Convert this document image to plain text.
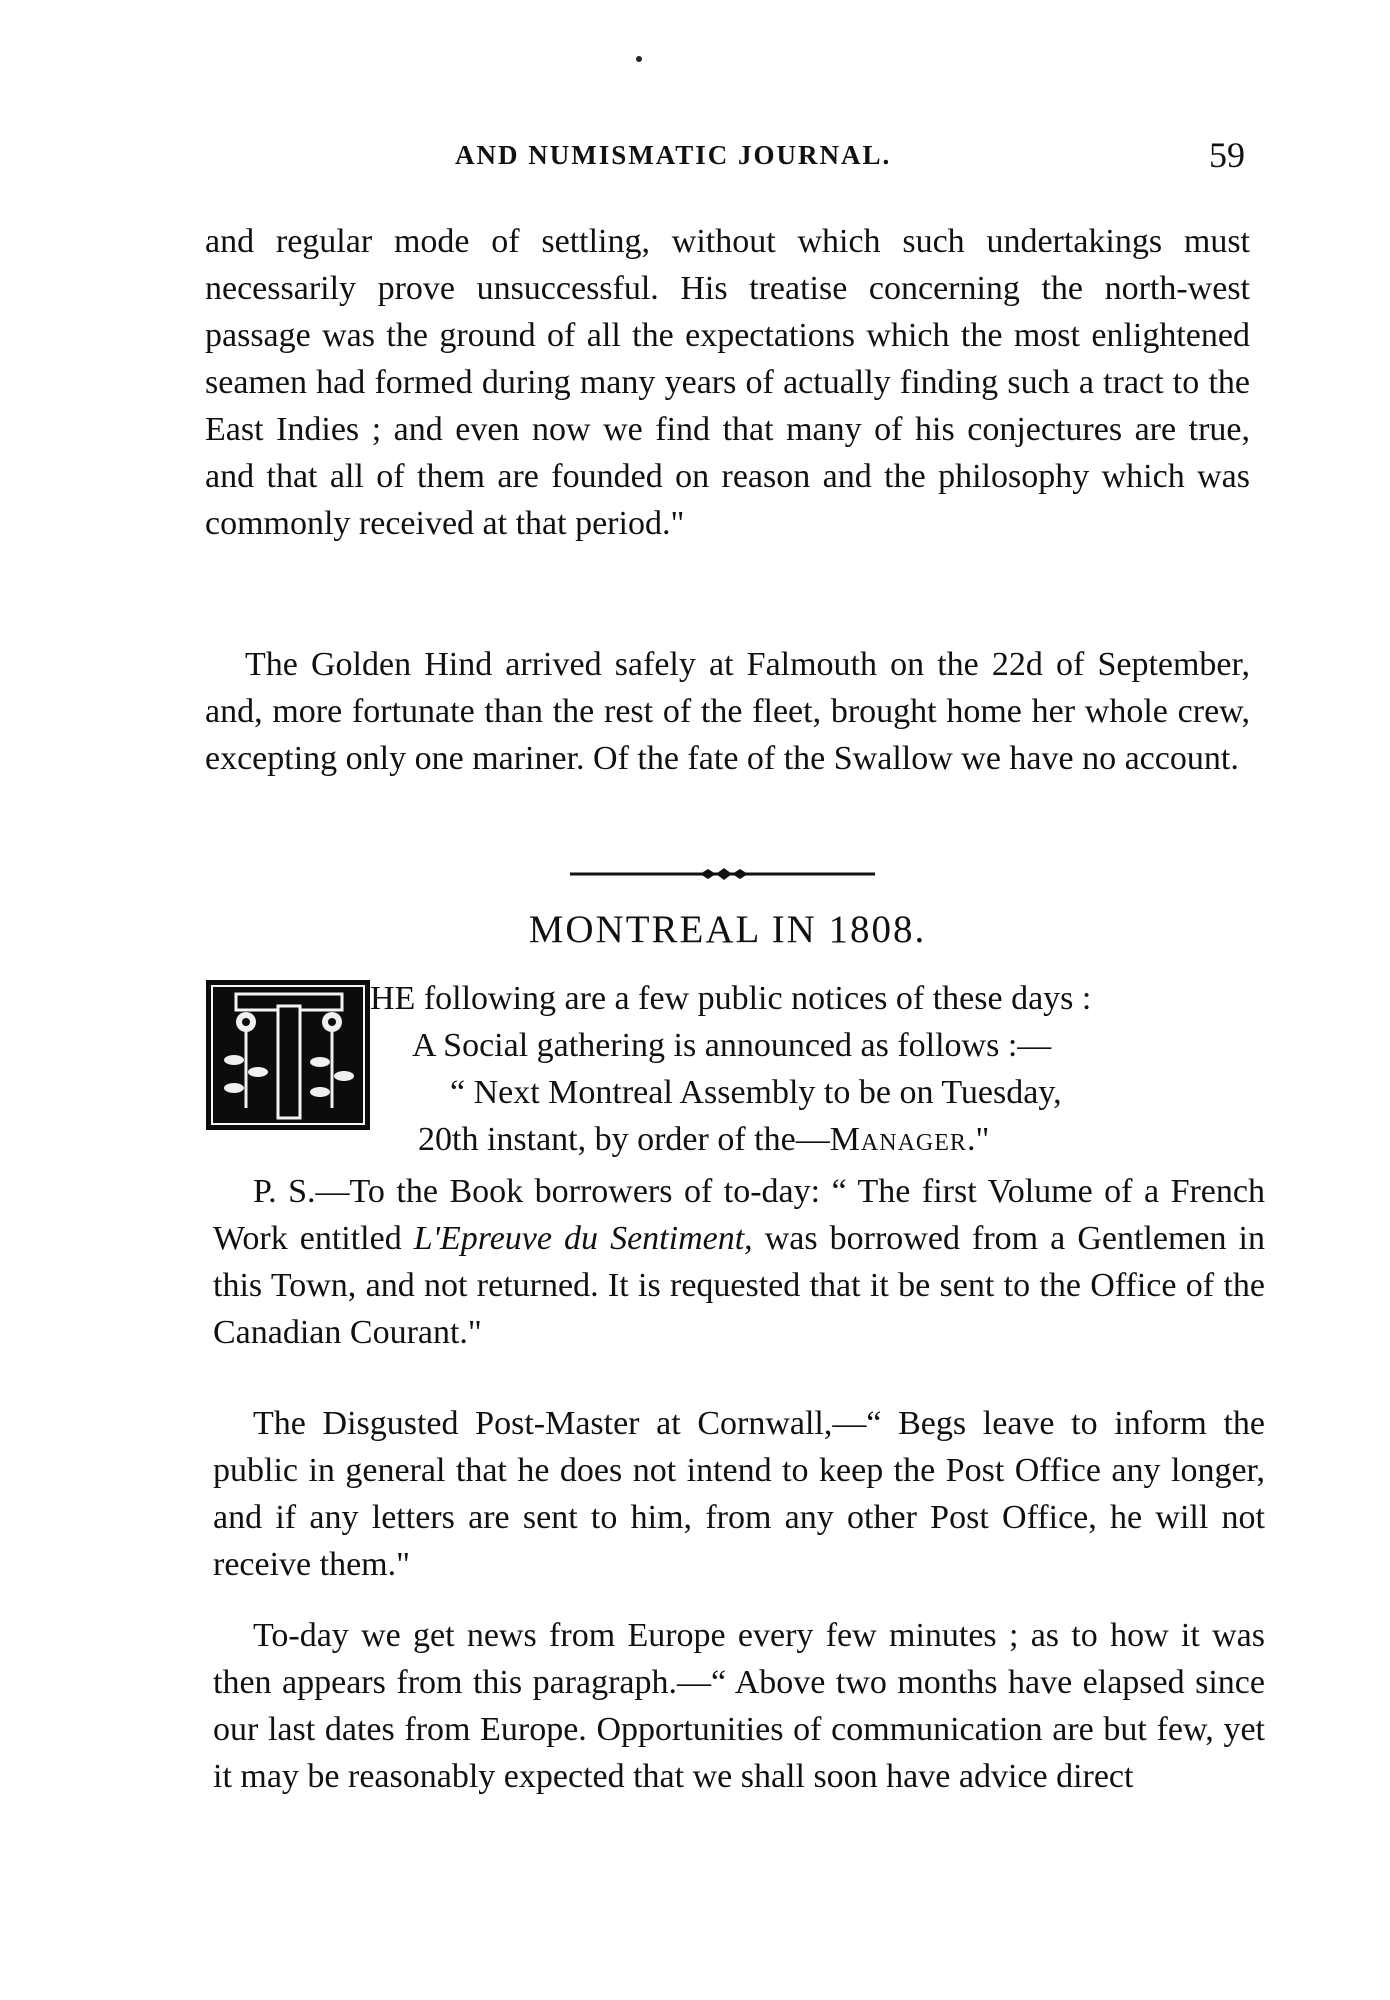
AND NUMISMATIC JOURNAL.	59

and regular mode of settling, without which such undertakings must necessarily prove unsuccessful. His treatise concerning the north-west passage was the ground of all the expectations which the most enlightened seamen had formed during many years of actually finding such a tract to the East Indies ; and even now we find that many of his conjectures are true, and that all of them are founded on reason and the philosophy which was commonly received at that period."

The Golden Hind arrived safely at Falmouth on the 22d of September, and, more fortunate than the rest of the fleet, brought home her whole crew, excepting only one mariner. Of the fate of the Swallow we have no account.

MONTREAL IN 1808.
HE following are a few public notices of these days :
A Social gathering is announced as follows :—
“ Next Montreal Assembly to be on Tuesday,
20th instant, by order of the—Manager."

P. S.—To the Book borrowers of to-day: “ The first Volume of a French Work entitled L'Epreuve du Sentiment, was borrowed from a Gentlemen in this Town, and not returned. It is requested that it be sent to the Office of the Canadian Courant."

The Disgusted Post-Master at Cornwall,—“ Begs leave to inform the public in general that he does not intend to keep the Post Office any longer, and if any letters are sent to him, from any other Post Office, he will not receive them."

To-day we get news from Europe every few minutes ; as to how it was then appears from this paragraph.—“ Above two months have elapsed since our last dates from Europe. Opportunities of communication are but few, yet it may be reasonably expected that we shall soon have advice direct
